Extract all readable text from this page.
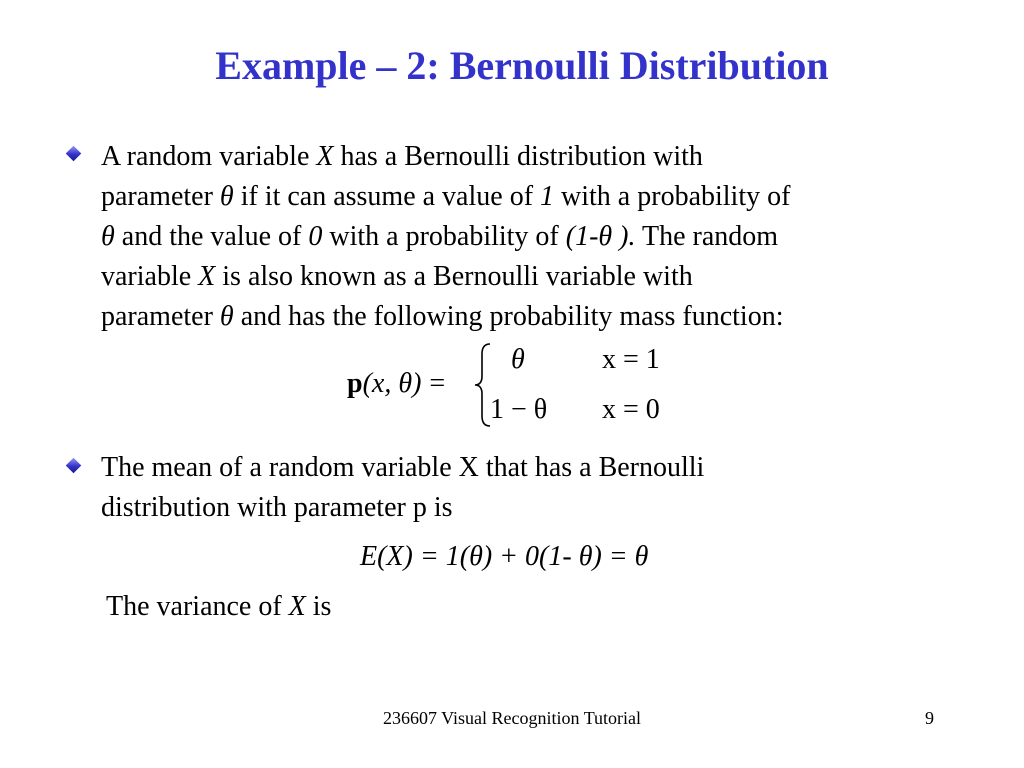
Example – 2: Bernoulli Distribution
A random variable X has a Bernoulli distribution with
parameter θ if it can assume a value of 1 with a probability of
θ and the value of 0 with a probability of (1-θ ). The random
variable X is also known as a Bernoulli variable with
parameter θ and has the following probability mass function:
p(x, θ) =
θ	x = 1
1 − θ x = 0
The mean of a random variable X that has a Bernoulli
distribution with parameter p is
E(X) = 1(θ) + 0(1- θ) = θ
The variance of X is
236607 Visual Recognition Tutorial	9
